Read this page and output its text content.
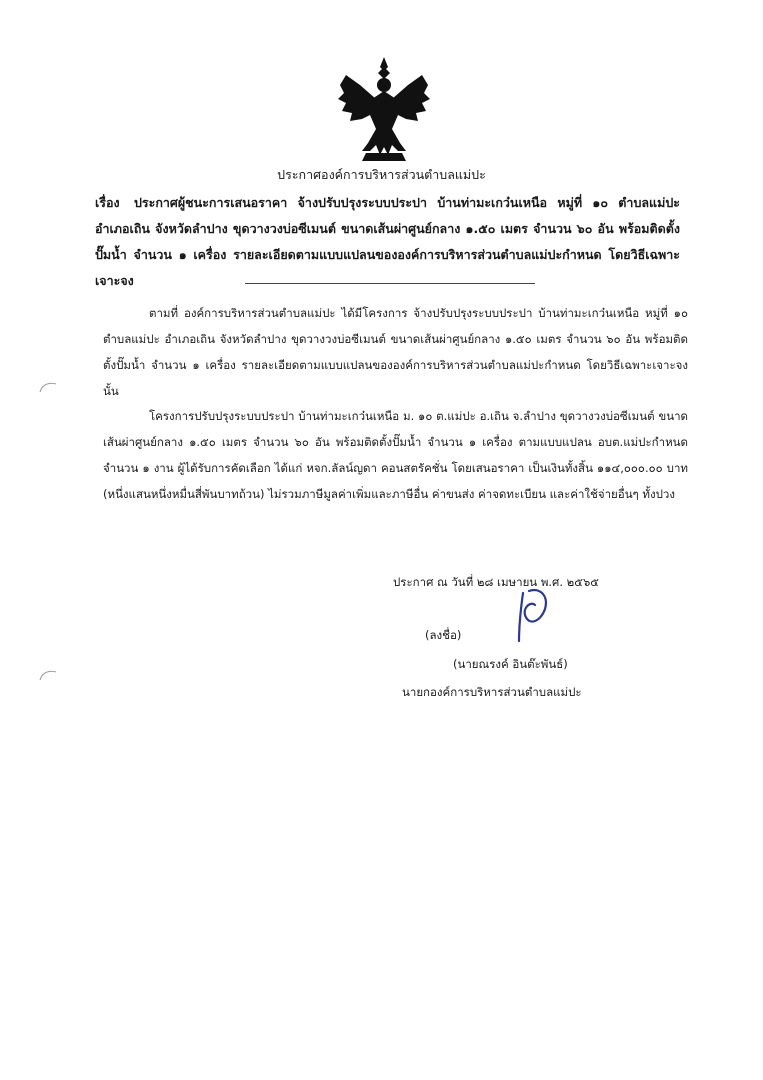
ประกาศองค์การบริหารส่วนตำบลแม่ปะ
เรื่อง ประกาศผู้ชนะการเสนอราคา จ้างปรับปรุงระบบประปา บ้านท่ามะเกว๋นเหนือ หมู่ที่ ๑๐ ตำบลแม่ปะ อำเภอเถิน จังหวัดลำปาง ขุดวางวงบ่อซีเมนต์ ขนาดเส้นผ่าศูนย์กลาง ๑.๕๐ เมตร จำนวน ๖๐ อัน พร้อมติดตั้งปั๊มน้ำ จำนวน ๑ เครื่อง รายละเอียดตามแบบแปลนขององค์การบริหารส่วนตำบลแม่ปะกำหนด โดยวิธีเฉพาะเจาะจง
ตามที่ องค์การบริหารส่วนตำบลแม่ปะ ได้มีโครงการ จ้างปรับปรุงระบบประปา บ้านท่ามะเกว๋นเหนือ หมู่ที่ ๑๐ ตำบลแม่ปะ อำเภอเถิน จังหวัดลำปาง ขุดวางวงบ่อซีเมนต์ ขนาดเส้นผ่าศูนย์กลาง ๑.๕๐ เมตร จำนวน ๖๐ อัน พร้อมติดตั้งปั๊มน้ำ จำนวน ๑ เครื่อง รายละเอียดตามแบบแปลนขององค์การบริหารส่วนตำบลแม่ปะกำหนด โดยวิธีเฉพาะเจาะจง นั้น
โครงการปรับปรุงระบบประปา บ้านท่ามะเกว๋นเหนือ ม. ๑๐ ต.แม่ปะ อ.เถิน จ.ลำปาง ขุดวางวงบ่อซีเมนต์ ขนาดเส้นผ่าศูนย์กลาง ๑.๕๐ เมตร จำนวน ๖๐ อัน พร้อมติดตั้งปั๊มน้ำ จำนวน ๑ เครื่อง ตามแบบแปลน อบต.แม่ปะกำหนด จำนวน ๑ งาน ผู้ได้รับการคัดเลือก ได้แก่ หจก.ลัลน์ญดา คอนสตรัคชั่น โดยเสนอราคา เป็นเงินทั้งสิ้น ๑๑๔,๐๐๐.๐๐ บาท (หนึ่งแสนหนึ่งหมื่นสี่พันบาทถ้วน) ไม่รวมภาษีมูลค่าเพิ่มและภาษีอื่น ค่าขนส่ง ค่าจดทะเบียน และค่าใช้จ่ายอื่นๆ ทั้งปวง
ประกาศ ณ วันที่ ๒๘ เมษายน พ.ศ. ๒๕๖๕
(ลงชื่อ)
(นายณรงค์ อินต๊ะพันธ์)
นายกองค์การบริหารส่วนตำบลแม่ปะ
